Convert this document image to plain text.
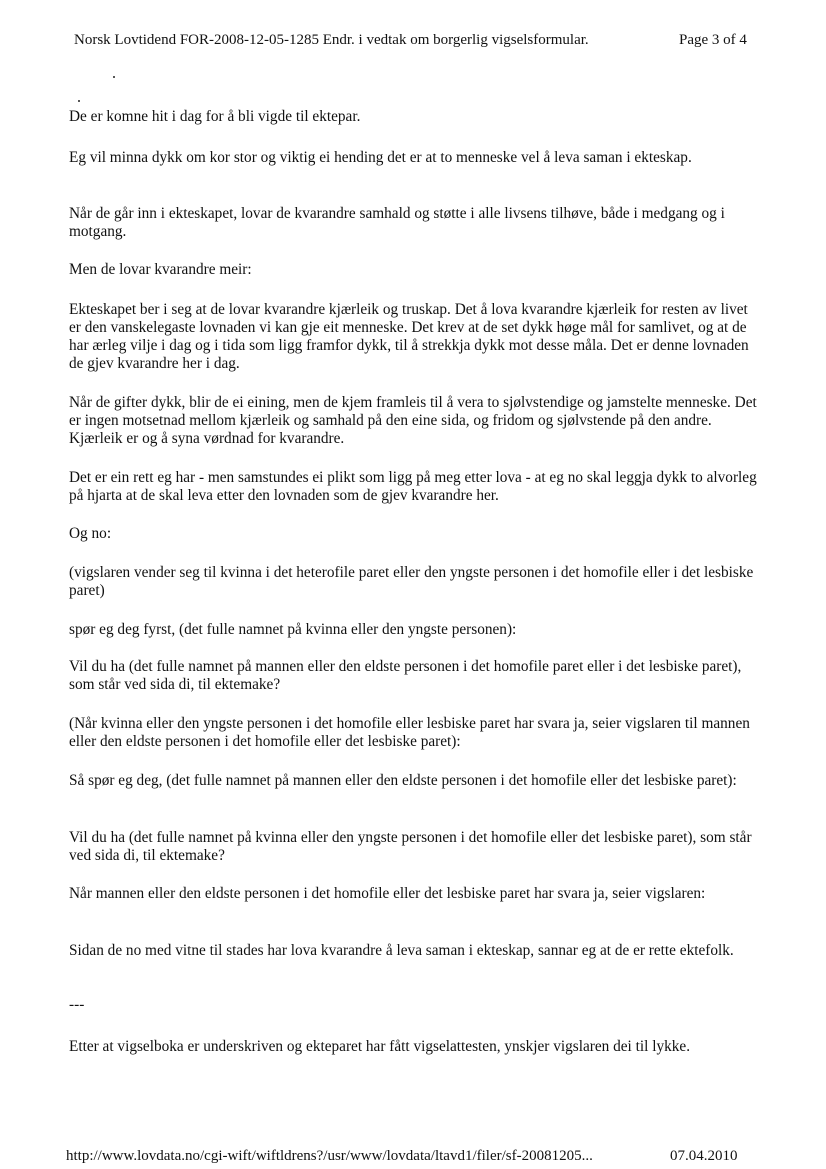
Norsk Lovtidend FOR-2008-12-05-1285 Endr. i vedtak om borgerlig vigselsformular.	Page 3 of 4

De er komne hit i dag for å bli vigde til ektepar.

Eg vil minna dykk om kor stor og viktig ei hending det er at to menneske vel å leva saman i ekteskap.

Når de går inn i ekteskapet, lovar de kvarandre samhald og støtte i alle livsens tilhøve, både i medgang og i motgang.

Men de lovar kvarandre meir:

Ekteskapet ber i seg at de lovar kvarandre kjærleik og truskap. Det å lova kvarandre kjærleik for resten av livet er den vanskelegaste lovnaden vi kan gje eit menneske. Det krev at de set dykk høge mål for samlivet, og at de har ærleg vilje i dag og i tida som ligg framfor dykk, til å strekkja dykk mot desse måla. Det er denne lovnaden de gjev kvarandre her i dag.

Når de gifter dykk, blir de ei eining, men de kjem framleis til å vera to sjølvstendige og jamstelte menneske. Det er ingen motsetnad mellom kjærleik og samhald på den eine sida, og fridom og sjølvstende på den andre. Kjærleik er og å syna vørdnad for kvarandre.

Det er ein rett eg har - men samstundes ei plikt som ligg på meg etter lova - at eg no skal leggja dykk to alvorleg på hjarta at de skal leva etter den lovnaden som de gjev kvarandre her.

Og no:

(vigslaren vender seg til kvinna i det heterofile paret eller den yngste personen i det homofile eller i det lesbiske paret)

spør eg deg fyrst, (det fulle namnet på kvinna eller den yngste personen):

Vil du ha (det fulle namnet på mannen eller den eldste personen i det homofile paret eller i det lesbiske paret), som står ved sida di, til ektemake?

(Når kvinna eller den yngste personen i det homofile eller lesbiske paret har svara ja, seier vigslaren til mannen eller den eldste personen i det homofile eller det lesbiske paret):

Så spør eg deg, (det fulle namnet på mannen eller den eldste personen i det homofile eller det lesbiske paret):

Vil du ha (det fulle namnet på kvinna eller den yngste personen i det homofile eller det lesbiske paret), som står ved sida di, til ektemake?

Når mannen eller den eldste personen i det homofile eller det lesbiske paret har svara ja, seier vigslaren:

Sidan de no med vitne til stades har lova kvarandre å leva saman i ekteskap, sannar eg at de er rette ektefolk.

---

Etter at vigselboka er underskriven og ekteparet har fått vigselattesten, ynskjer vigslaren dei til lykke.

http://www.lovdata.no/cgi-wift/wiftldrens?/usr/www/lovdata/ltavd1/filer/sf-20081205...	07.04.2010
